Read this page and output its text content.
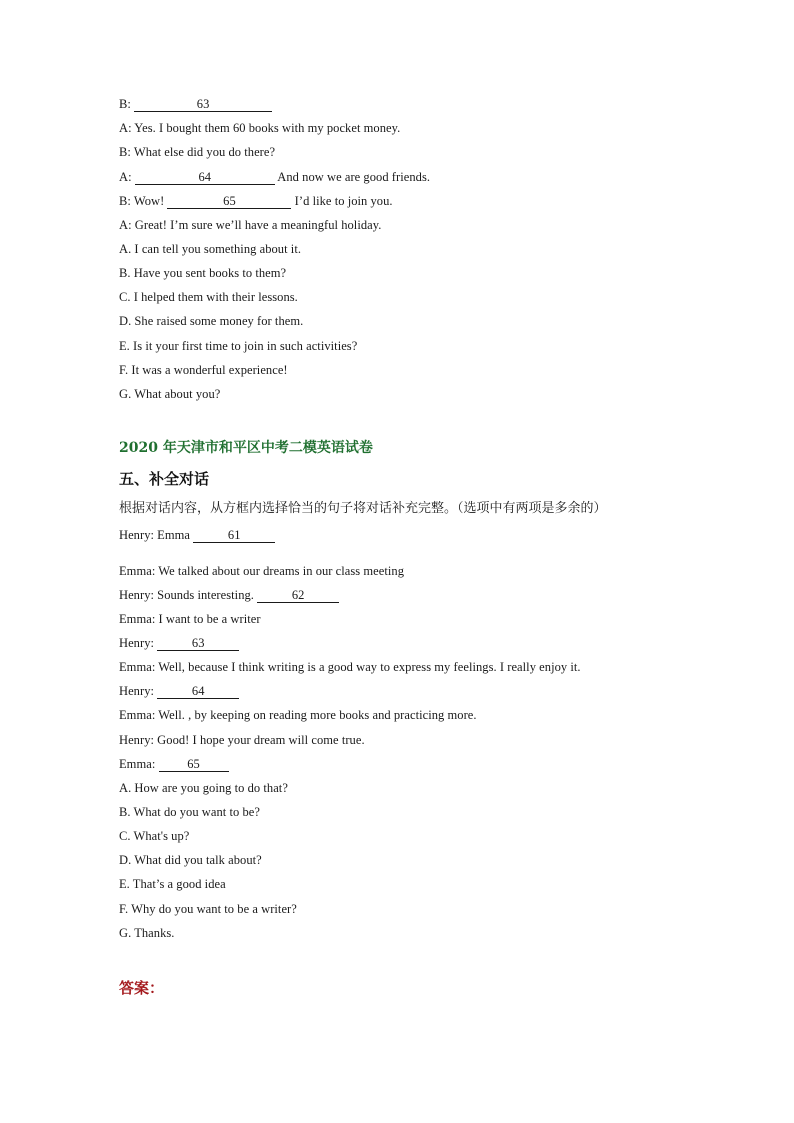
B:	63
A: Yes. I bought them 60 books with my pocket money.
B: What else did you do there?
A:	64	And now we are good friends.
B: Wow!	65	I’d like to join you.
A: Great! I’m sure we’ll have a meaningful holiday.
A. I can tell you something about it.
B. Have you sent books to them?
C. I helped them with their lessons.
D. She raised some money for them.
E. Is it your first time to join in such activities?
F. It was a wonderful experience!
G. What about you?
2020 年天津市和平区中考二模英语试卷
五、补全对话
根据对话内容，从方框内选择恰当的句子将对话补充完整。（选项中有两项是多余的）
Henry: Emma	61
Emma: We talked about our dreams in our class meeting
Henry: Sounds interesting.	62
Emma: I want to be a writer
Henry:	63
Emma: Well, because I think writing is a good way to express my feelings. I really enjoy it.
Henry:	64
Emma: Well. , by keeping on reading more books and practicing more.
Henry: Good! I hope your dream will come true.
Emma:	65
A. How are you going to do that?
B. What do you want to be?
C. What's up?
D. What did you talk about?
E. That’s a good idea
F. Why do you want to be a writer?
G. Thanks.
答案：
